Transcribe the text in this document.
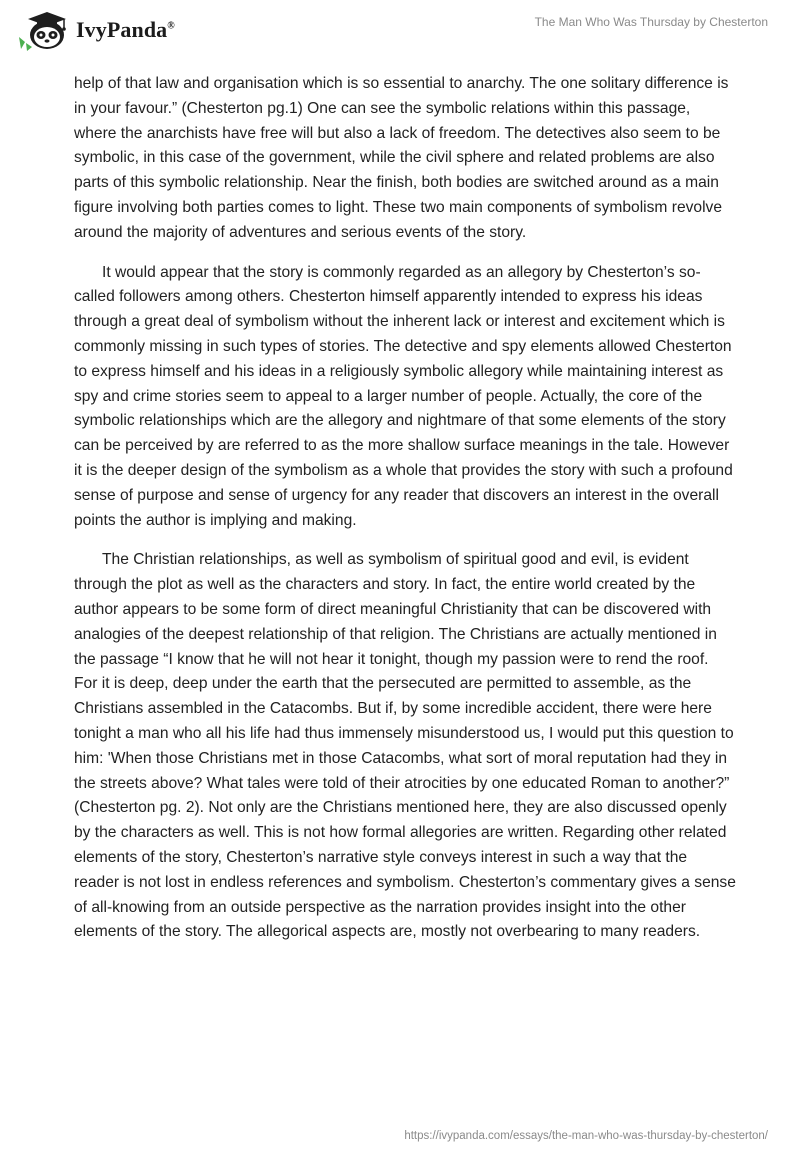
IvyPanda®	The Man Who Was Thursday by Chesterton

help of that law and organisation which is so essential to anarchy. The one solitary difference is in your favour.” (Chesterton pg.1) One can see the symbolic relations within this passage, where the anarchists have free will but also a lack of freedom. The detectives also seem to be symbolic, in this case of the government, while the civil sphere and related problems are also parts of this symbolic relationship. Near the finish, both bodies are switched around as a main figure involving both parties comes to light. These two main components of symbolism revolve around the majority of adventures and serious events of the story.

It would appear that the story is commonly regarded as an allegory by Chesterton’s so-called followers among others. Chesterton himself apparently intended to express his ideas through a great deal of symbolism without the inherent lack or interest and excitement which is commonly missing in such types of stories. The detective and spy elements allowed Chesterton to express himself and his ideas in a religiously symbolic allegory while maintaining interest as spy and crime stories seem to appeal to a larger number of people. Actually, the core of the symbolic relationships which are the allegory and nightmare of that some elements of the story can be perceived by are referred to as the more shallow surface meanings in the tale. However it is the deeper design of the symbolism as a whole that provides the story with such a profound sense of purpose and sense of urgency for any reader that discovers an interest in the overall points the author is implying and making.

The Christian relationships, as well as symbolism of spiritual good and evil, is evident through the plot as well as the characters and story. In fact, the entire world created by the author appears to be some form of direct meaningful Christianity that can be discovered with analogies of the deepest relationship of that religion. The Christians are actually mentioned in the passage “I know that he will not hear it tonight, though my passion were to rend the roof. For it is deep, deep under the earth that the persecuted are permitted to assemble, as the Christians assembled in the Catacombs. But if, by some incredible accident, there were here tonight a man who all his life had thus immensely misunderstood us, I would put this question to him: 'When those Christians met in those Catacombs, what sort of moral reputation had they in the streets above? What tales were told of their atrocities by one educated Roman to another?” (Chesterton pg. 2). Not only are the Christians mentioned here, they are also discussed openly by the characters as well. This is not how formal allegories are written. Regarding other related elements of the story, Chesterton’s narrative style conveys interest in such a way that the reader is not lost in endless references and symbolism. Chesterton’s commentary gives a sense of all-knowing from an outside perspective as the narration provides insight into the other elements of the story. The allegorical aspects are, mostly not overbearing to many readers.

https://ivypanda.com/essays/the-man-who-was-thursday-by-chesterton/
